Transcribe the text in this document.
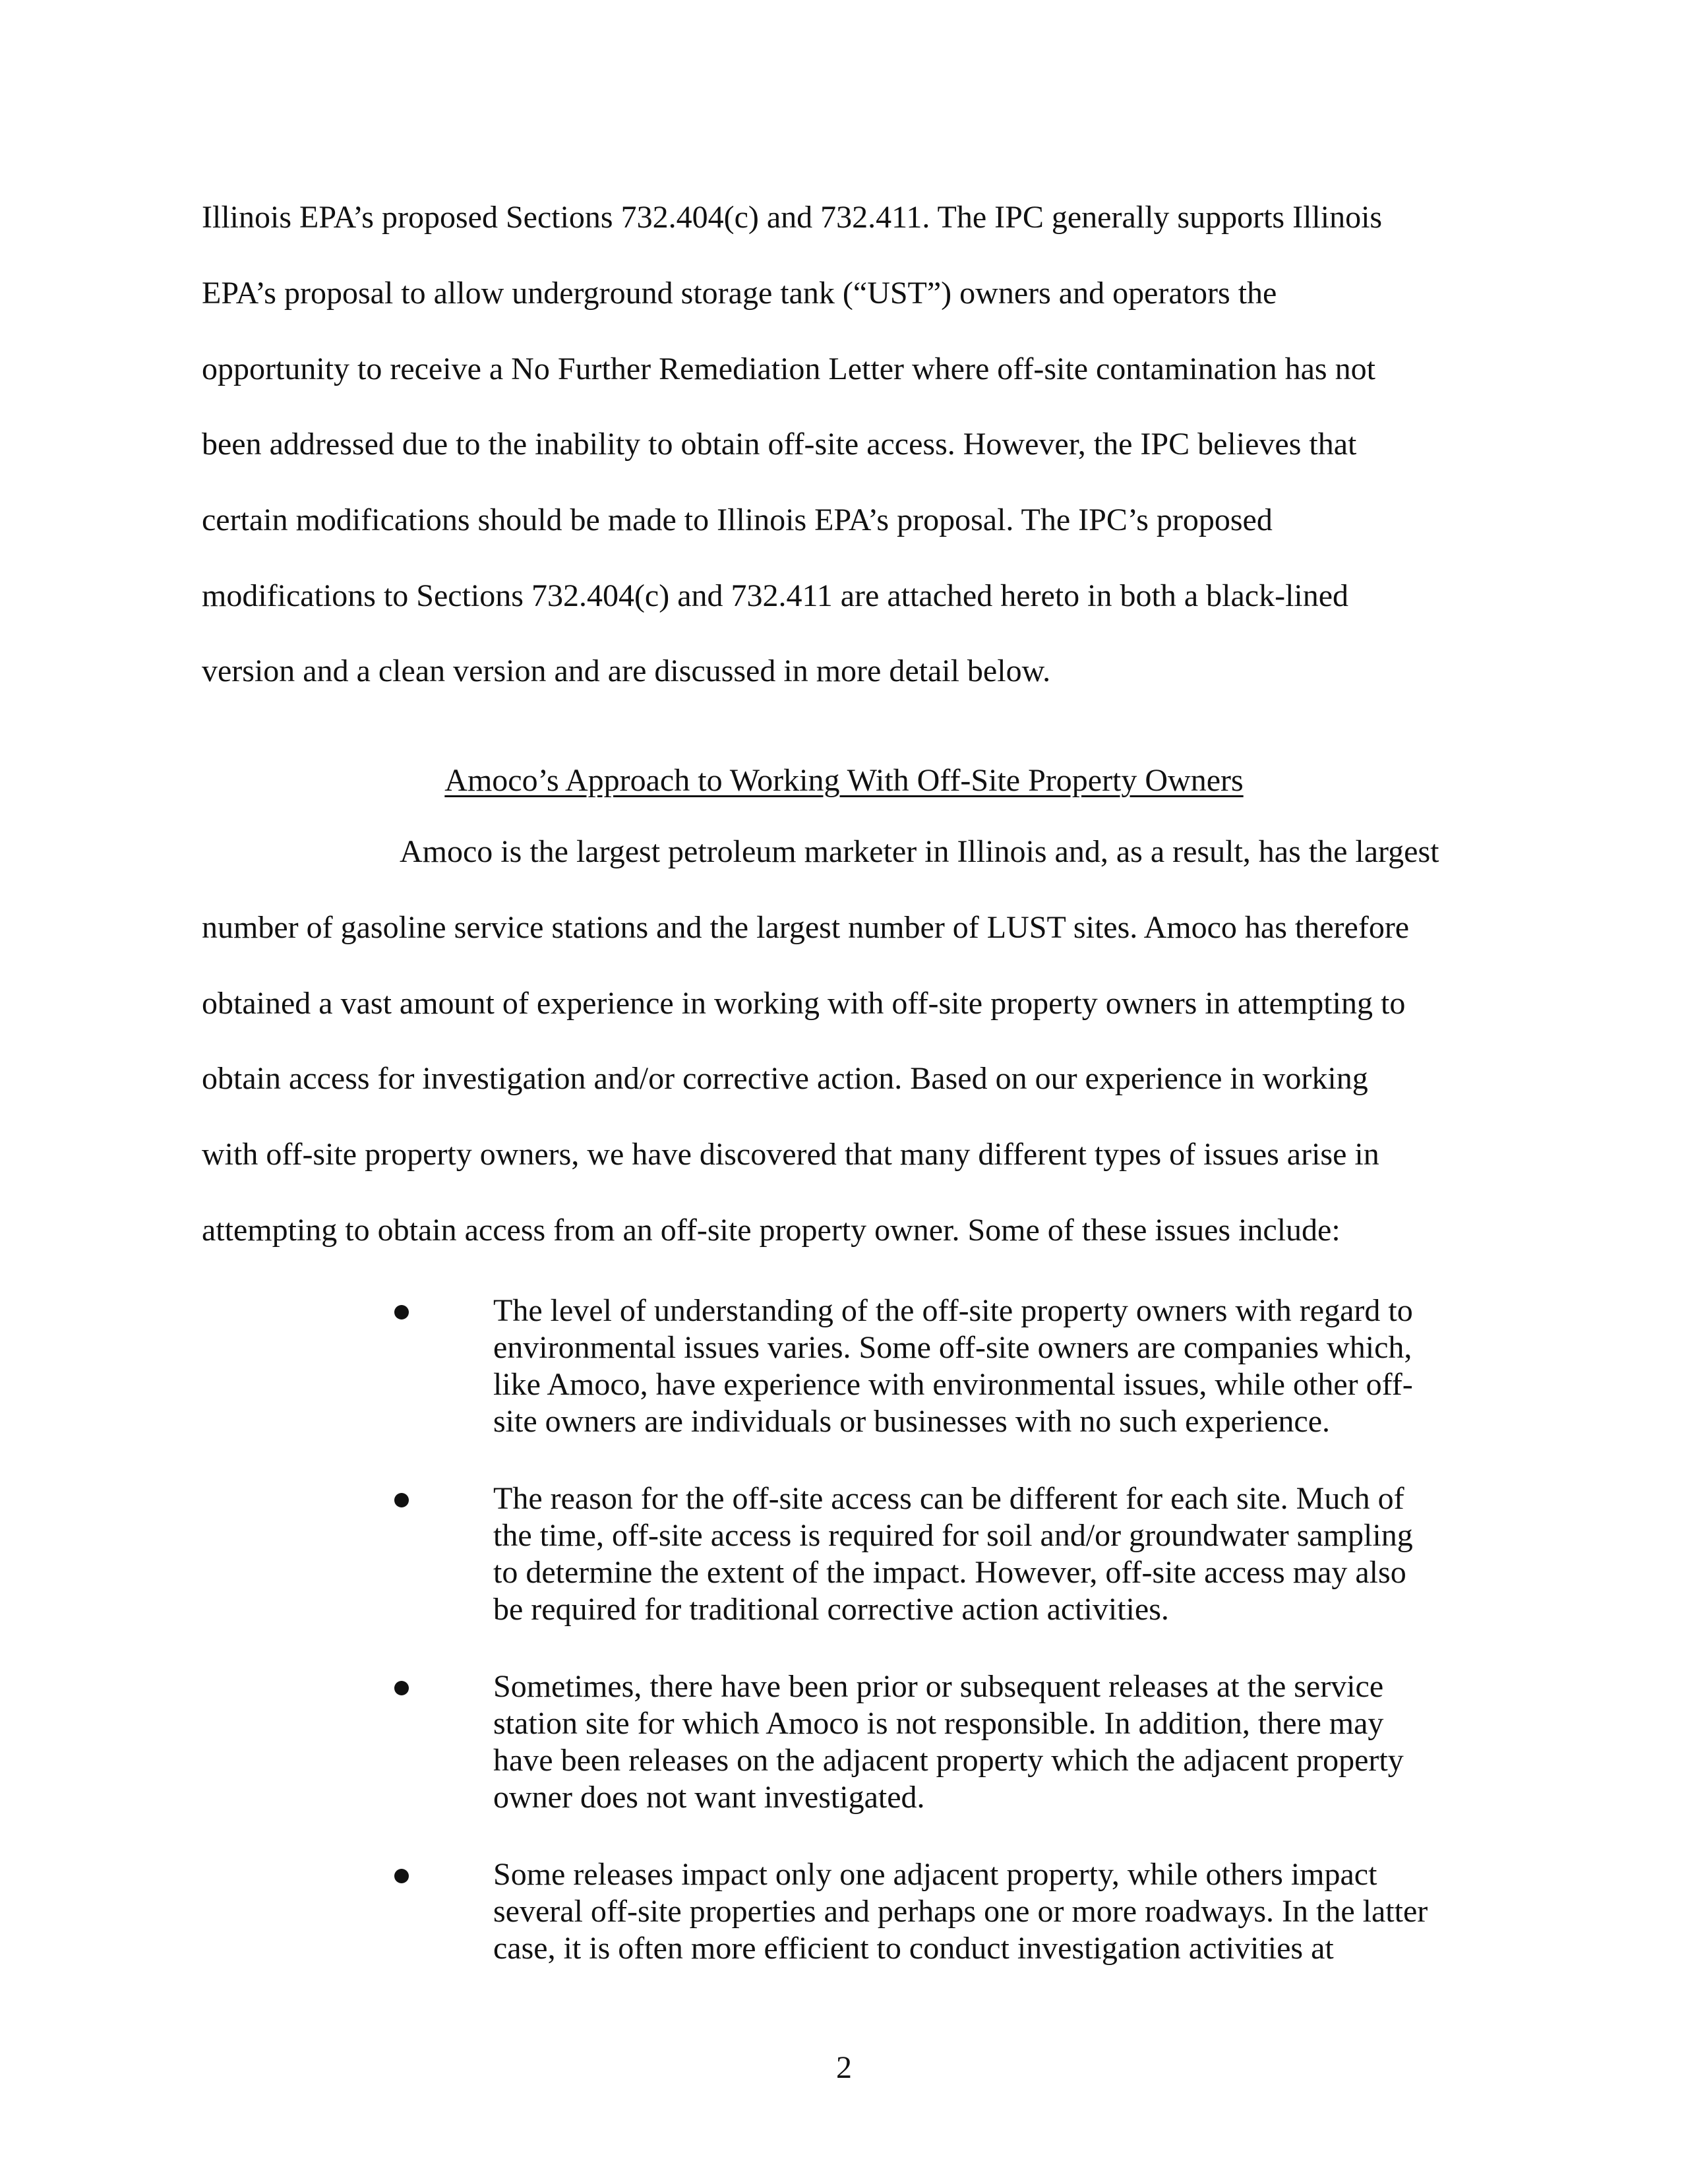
Illinois EPA’s proposed Sections 732.404(c) and 732.411. The IPC generally supports Illinois
EPA’s proposal to allow underground storage tank (“UST”) owners and operators the
opportunity to receive a No Further Remediation Letter where off-site contamination has not
been addressed due to the inability to obtain off-site access. However, the IPC believes that
certain modifications should be made to Illinois EPA’s proposal. The IPC’s proposed
modifications to Sections 732.404(c) and 732.411 are attached hereto in both a black-lined
version and a clean version and are discussed in more detail below.
Amoco’s Approach to Working With Off-Site Property Owners
Amoco is the largest petroleum marketer in Illinois and, as a result, has the largest
number of gasoline service stations and the largest number of LUST sites. Amoco has therefore
obtained a vast amount of experience in working with off-site property owners in attempting to
obtain access for investigation and/or corrective action. Based on our experience in working
with off-site property owners, we have discovered that many different types of issues arise in
attempting to obtain access from an off-site property owner. Some of these issues include:
The level of understanding of the off-site property owners with regard to
environmental issues varies. Some off-site owners are companies which,
like Amoco, have experience with environmental issues, while other off-
site owners are individuals or businesses with no such experience.
The reason for the off-site access can be different for each site. Much of
the time, off-site access is required for soil and/or groundwater sampling
to determine the extent of the impact. However, off-site access may also
be required for traditional corrective action activities.
Sometimes, there have been prior or subsequent releases at the service
station site for which Amoco is not responsible. In addition, there may
have been releases on the adjacent property which the adjacent property
owner does not want investigated.
Some releases impact only one adjacent property, while others impact
several off-site properties and perhaps one or more roadways. In the latter
case, it is often more efficient to conduct investigation activities at
2
